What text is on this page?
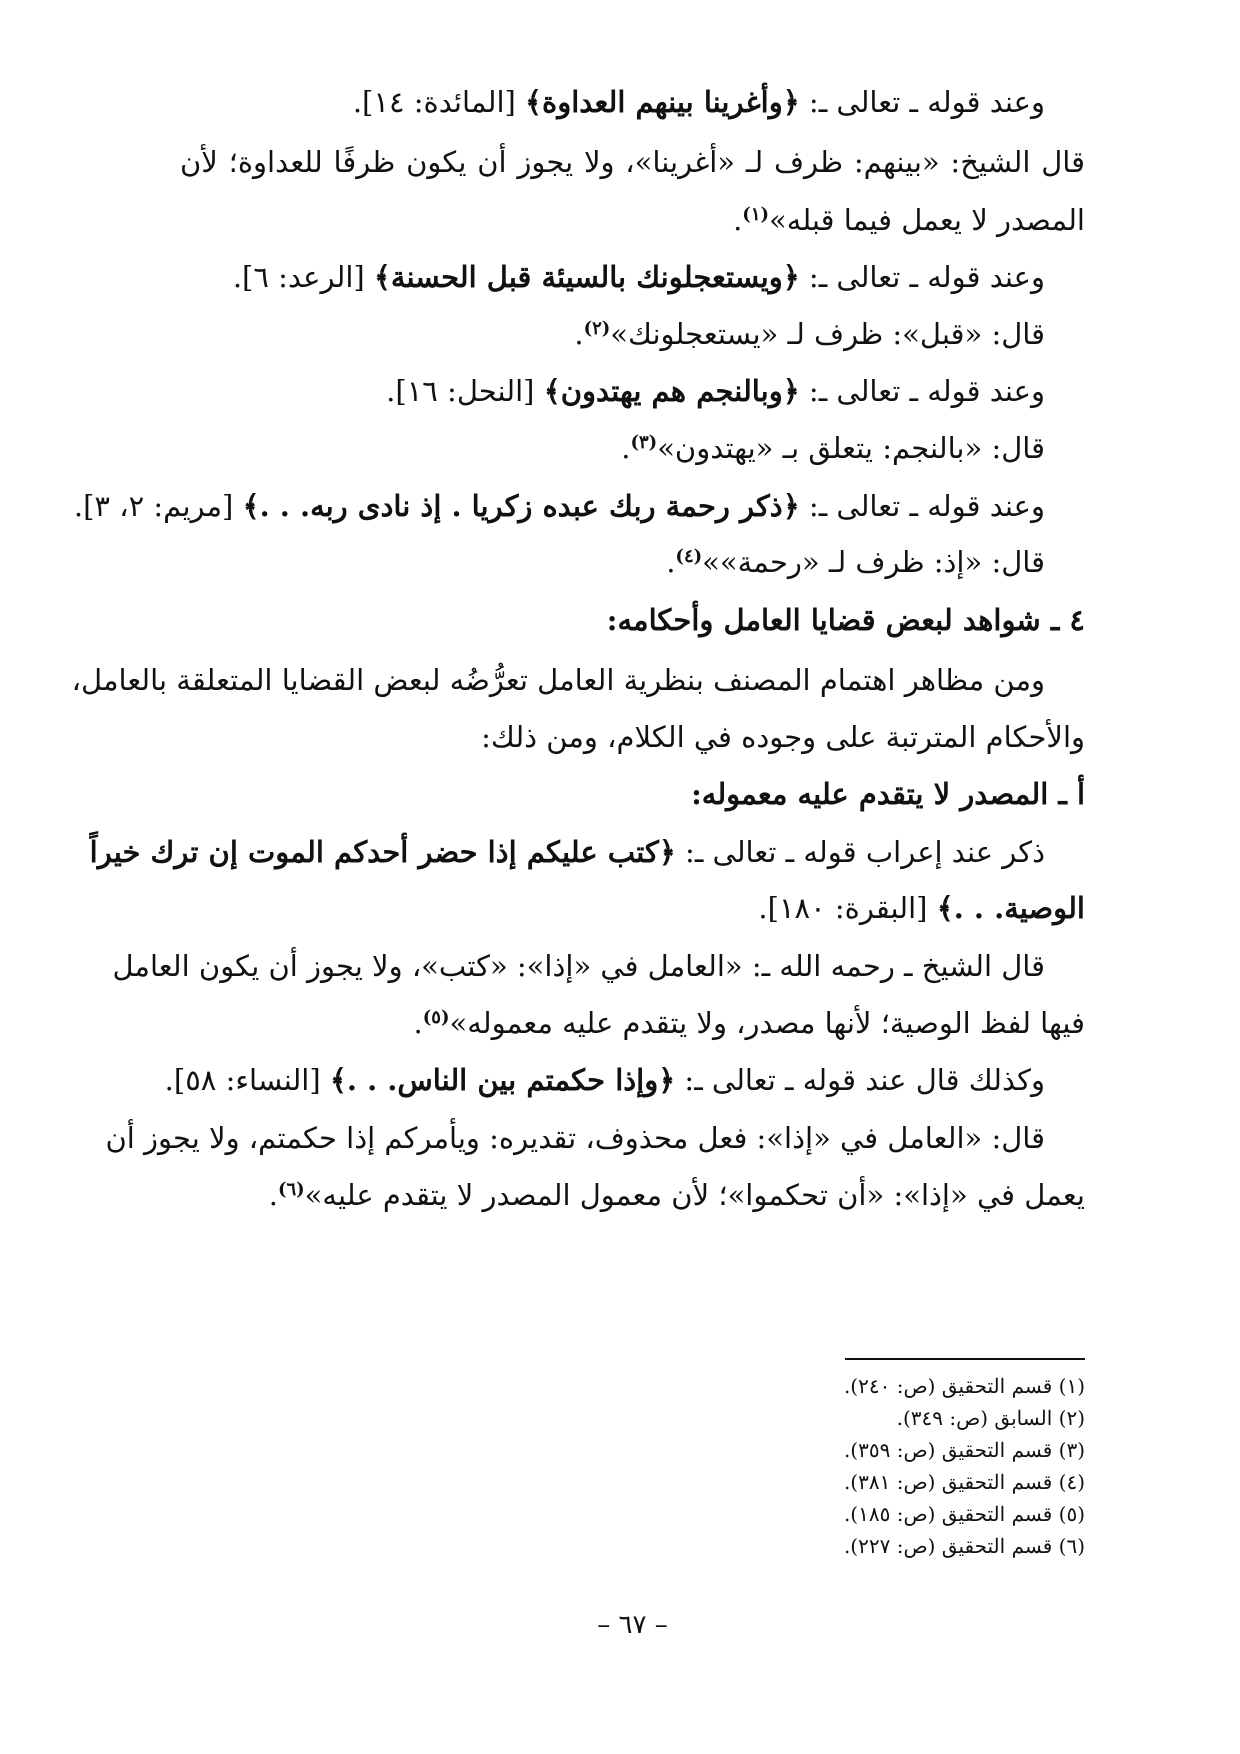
وعند قوله ـ تعالى ـ: ﴿وأغرينا بينهم العداوة﴾ [المائدة: ١٤].
قال الشيخ: «بينهم: ظرف لـ «أغرينا»، ولا يجوز أن يكون ظرفًا للعداوة؛ لأن
المصدر لا يعمل فيما قبله»$^{(١)}$.
وعند قوله ـ تعالى ـ: ﴿ويستعجلونك بالسيئة قبل الحسنة﴾ [الرعد: ٦].
قال: «قبل»: ظرف لـ «يستعجلونك»$^{(٢)}$.
وعند قوله ـ تعالى ـ: ﴿وبالنجم هم يهتدون﴾ [النحل: ١٦].
قال: «بالنجم: يتعلق بـ «يهتدون»$^{(٣)}$.
وعند قوله ـ تعالى ـ: ﴿ذكر رحمة ربك عبده زكريا . إذ نادى ربه. . .﴾ [مريم: ٢، ٣].
قال: «إذ: ظرف لـ «رحمة»»$^{(٤)}$.
٤ ـ شواهد لبعض قضايا العامل وأحكامه:
ومن مظاهر اهتمام المصنف بنظرية العامل تعرُّضُه لبعض القضايا المتعلقة بالعامل،
والأحكام المترتبة على وجوده في الكلام، ومن ذلك:
أ ـ المصدر لا يتقدم عليه معموله:
ذكر عند إعراب قوله ـ تعالى ـ: ﴿كتب عليكم إذا حضر أحدكم الموت إن ترك خيراً
الوصية. . .﴾ [البقرة: ١٨٠].
قال الشيخ ـ رحمه الله ـ: «العامل في «إذا»: «كتب»، ولا يجوز أن يكون العامل
فيها لفظ الوصية؛ لأنها مصدر، ولا يتقدم عليه معموله»$^{(٥)}$.
وكذلك قال عند قوله ـ تعالى ـ: ﴿وإذا حكمتم بين الناس. . .﴾ [النساء: ٥٨].
قال: «العامل في «إذا»: فعل محذوف، تقديره: ويأمركم إذا حكمتم، ولا يجوز أن
يعمل في «إذا»: «أن تحكموا»؛ لأن معمول المصدر لا يتقدم عليه»$^{(٦)}$.
(١) قسم التحقيق (ص: ٢٤٠).
(٢) السابق (ص: ٣٤٩).
(٣) قسم التحقيق (ص: ٣٥٩).
(٤) قسم التحقيق (ص: ٣٨١).
(٥) قسم التحقيق (ص: ١٨٥).
(٦) قسم التحقيق (ص: ٢٢٧).
– ٦٧ –
